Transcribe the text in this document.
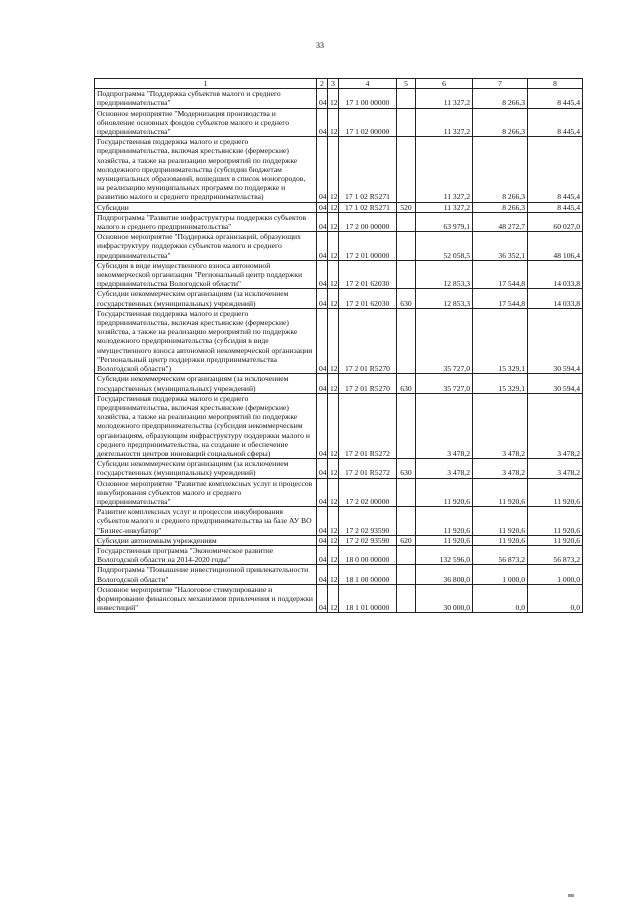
33
1	2	3	4	5	6	7	8
Подпрограмма "Поддержка субъектов малого и среднего предпринимательства"	04	12	17 1 00 00000		11 327,2	8 266,3	8 445,4
Основное мероприятие "Модернизация производства и обновление основных фондов субъектов малого и среднего предпринимательства"	04	12	17 1 02 00000		11 327,2	8 266,3	8 445,4
Государственная поддержка малого и среднего предпринимательства, включая крестьянские (фермерские) хозяйства, а также на реализацию мероприятий по поддержке молодежного предпринимательства (субсидии бюджетам муниципальных образований, вошедших в список моногородов, на реализацию муниципальных программ по поддержке и развитию малого и среднего предпринимательства)	04	12	17 1 02 R5271		11 327,2	8 266,3	8 445,4
Субсидии	04	12	17 1 02 R5271	520	11 327,2	8 266,3	8 445,4
Подпрограмма "Развитие инфраструктуры поддержки субъектов малого и среднего предпринимательства"	04	12	17 2 00 00000		63 979,1	48 272,7	60 027,0
Основное мероприятие "Поддержка организаций, образующих инфраструктуру поддержки субъектов малого и среднего предпринимательства"	04	12	17 2 01 00000		52 058,5	36 352,1	48 106,4
Субсидия в виде имущественного взноса автономной некоммерческой организации "Региональный центр поддержки предпринимательства Вологодской области"	04	12	17 2 01 62030		12 853,3	17 544,8	14 033,8
Субсидии некоммерческим организациям (за исключением государственных (муниципальных) учреждений)	04	12	17 2 01 62030	630	12 853,3	17 544,8	14 033,8
Государственная поддержка малого и среднего предпринимательства, включая крестьянские (фермерские) хозяйства, а также на реализацию мероприятий по поддержке молодежного предпринимательства (субсидия в виде имущественного взноса автономной некоммерческой организации "Региональный центр поддержки предпринимательства Вологодской области")	04	12	17 2 01 R5270		35 727,0	15 329,1	30 594,4
Субсидии некоммерческим организациям (за исключением государственных (муниципальных) учреждений)	04	12	17 2 01 R5270	630	35 727,0	15 329,1	30 594,4
Государственная поддержка малого и среднего предпринимательства, включая крестьянские (фермерские) хозяйства, а также на реализацию мероприятий по поддержке молодежного предпринимательства (субсидия некоммерческим организациям, образующим инфраструктуру поддержки малого и среднего предпринимательства, на создание и обеспечение деятельности центров инноваций социальной сферы)	04	12	17 2 01 R5272		3 478,2	3 478,2	3 478,2
Субсидии некоммерческим организациям (за исключением государственных (муниципальных) учреждений)	04	12	17 2 01 R5272	630	3 478,2	3 478,2	3 478,2
Основное мероприятие "Развитие комплексных услуг и процессов инкубирования субъектов малого и среднего предпринимательства"	04	12	17 2 02 00000		11 920,6	11 920,6	11 920,6
Развитие комплексных услуг и процессов инкубирования субъектов малого и среднего предпринимательства на базе АУ ВО "Бизнес-инкубатор"	04	12	17 2 02 93590		11 920,6	11 920,6	11 920,6
Субсидии автономным учреждениям	04	12	17 2 02 93590	620	11 920,6	11 920,6	11 920,6
Государственная программа "Экономическое развитие Вологодской области на 2014-2020 годы"	04	12	18 0 00 00000		132 596,0	56 873,2	56 873,2
Подпрограмма "Повышение инвестиционной привлекательности Вологодской области"	04	12	18 1 00 00000		36 800,0	1 000,0	1 000,0
Основное мероприятие "Налоговое стимулирование и формирование финансовых механизмов привлечения и поддержки инвестиций"	04	12	18 1 01 00000		30 000,0	0,0	0,0
